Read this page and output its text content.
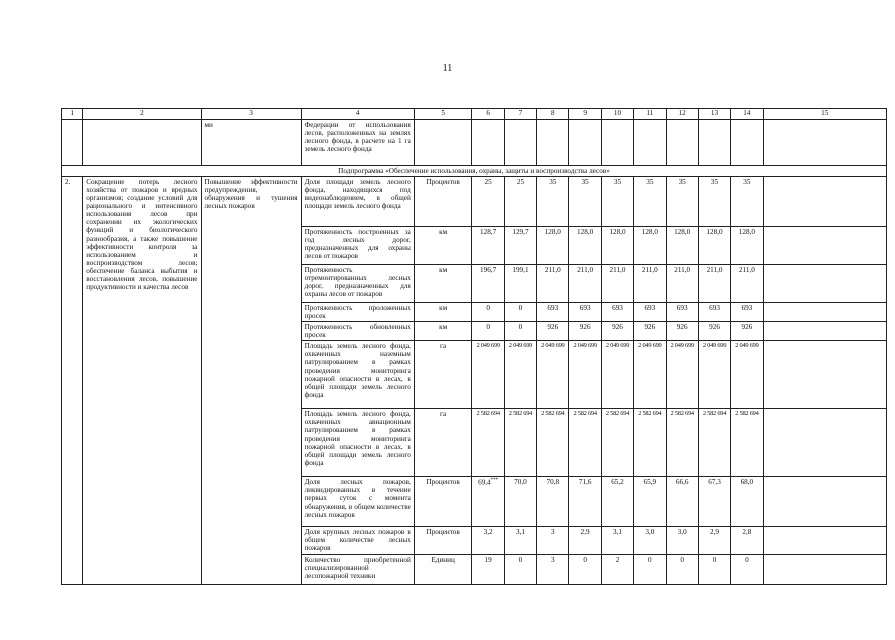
11
1	2	3	4	5	6	7	8	9	10	11	12	13	14	15
		ми	Федерации от использования лесов, расположенных на землях лесного фонда, в расчете на 1 га земель лесного фонда											
Подпрограмма «Обеспечение использования, охраны, защиты и воспроизводства лесов»														
2.	Сокращение потерь лесного хозяйства от пожаров и вредных организмов; создание условий для рационального и интенсивного использования лесов при сохранении их экологических функций и биологического разнообразия, а также повышение эффективности контроля за использованием и воспроизводством лесов; обеспечение баланса выбытия и восстановления лесов, повышение продуктивности и качества лесов	Повышение эффективности предупреждения, обнаружения и тушения лесных пожаров	Доля площади земель лесного фонда, находящихся под видеонаблюдением, в общей площади земель лесного фонда	Процентов	25	25	35	35	35	35	35	35	35	
			Протяженность построенных за год лесных дорог, предназначенных для охраны лесов от пожаров	км	128,7	129,7	128,0	128,0	128,0	128,0	128,0	128,0	128,0	
			Протяженность отремонтированных лесных дорог, предназначенных для охраны лесов от пожаров	км	196,7	199,1	211,0	211,0	211,0	211,0	211,0	211,0	211,0	
			Протяженность проложенных просек	км	0	0	693	693	693	693	693	693	693	
			Протяженность обновленных просек	км	0	0	926	926	926	926	926	926	926	
			Площадь земель лесного фонда, охваченных наземным патрулированием в рамках проведения мониторинга пожарной опасности в лесах, в общей площади земель лесного фонда	га	2 049 699	2 049 699	2 049 699	2 049 699	2 049 699	2 049 699	2 049 699	2 049 699	2 049 699	
			Площадь земель лесного фонда, охваченных авиационным патрулированием в рамках проведения мониторинга пожарной опасности в лесах, в общей площади земель лесного фонда	га	2 582 694	2 582 694	2 582 694	2 582 694	2 582 694	2 582 694	2 582 694	2 582 694	2 582 694	
			Доля лесных пожаров, ликвидированных в течение первых суток с момента обнаружения, в общем количестве лесных пожаров	Процентов	69,4***	70,0	70,8	71,6	65,2	65,9	66,6	67,3	68,0	
			Доля крупных лесных пожаров в общем количестве лесных пожаров	Процентов	3,2	3,1	3	2,9	3,1	3,0	3,0	2,9	2,8	
			Количество приобретенной специализированной лесопожарной техники	Единиц	19	0	3	0	2	0	0	0	0	
